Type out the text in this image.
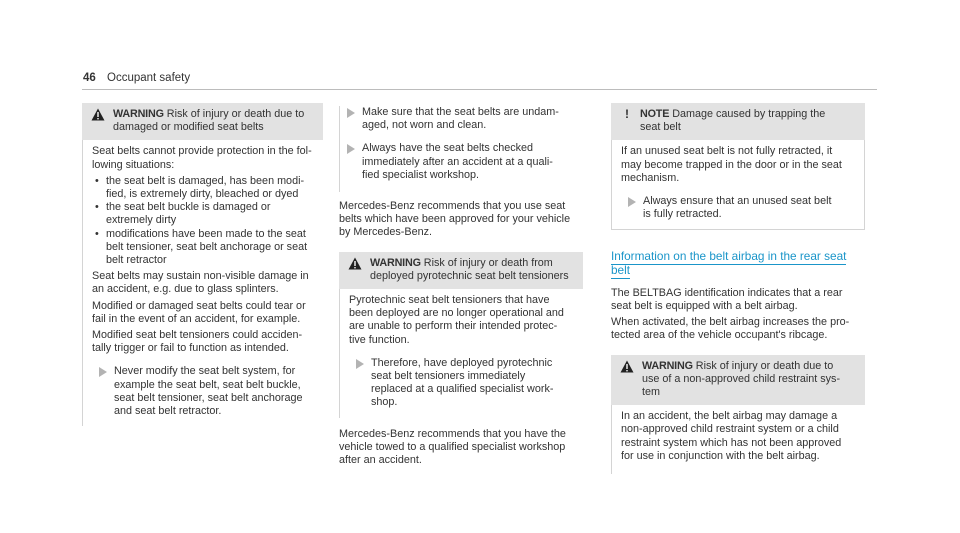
46 Occupant safety
WARNING Risk of injury or death due to
damaged or modified seat belts

Seat belts cannot provide protection in the fol-
lowing situations:

• the seat belt is damaged, has been modi-
fied, is extremely dirty, bleached or dyed
• the seat belt buckle is damaged or
extremely dirty
• modifications have been made to the seat
belt tensioner, seat belt anchorage or seat
belt retractor

Seat belts may sustain non-visible damage in
an accident, e.g. due to glass splinters.

Modified or damaged seat belts could tear or
fail in the event of an accident, for example.

Modified seat belt tensioners could acciden-
tally trigger or fail to function as intended.

Never modify the seat belt system, for
example the seat belt, seat belt buckle,
seat belt tensioner, seat belt anchorage
and seat belt retractor.
Make sure that the seat belts are undam-
aged, not worn and clean.
Always have the seat belts checked
immediately after an accident at a quali-
fied specialist workshop.

Mercedes-Benz recommends that you use seat
belts which have been approved for your vehicle
by Mercedes-Benz.

WARNING Risk of injury or death from
deployed pyrotechnic seat belt tensioners

Pyrotechnic seat belt tensioners that have
been deployed are no longer operational and
are unable to perform their intended protec-
tive function.

Therefore, have deployed pyrotechnic
seat belt tensioners immediately
replaced at a qualified specialist work-
shop.

Mercedes-Benz recommends that you have the
vehicle towed to a qualified specialist workshop
after an accident.

!	NOTE Damage caused by trapping the
seat belt

If an unused seat belt is not fully retracted, it
may become trapped in the door or in the seat
mechanism.

Always ensure that an unused seat belt
is fully retracted.
Information on the belt airbag in the rear seat belt

The BELTBAG identification indicates that a rear
seat belt is equipped with a belt airbag.

When activated, the belt airbag increases the pro-
tected area of the vehicle occupant's ribcage.

WARNING Risk of injury or death due to
use of a non-approved child restraint sys-
tem

In an accident, the belt airbag may damage a
non-approved child restraint system or a child
restraint system which has not been approved
for use in conjunction with the belt airbag.
